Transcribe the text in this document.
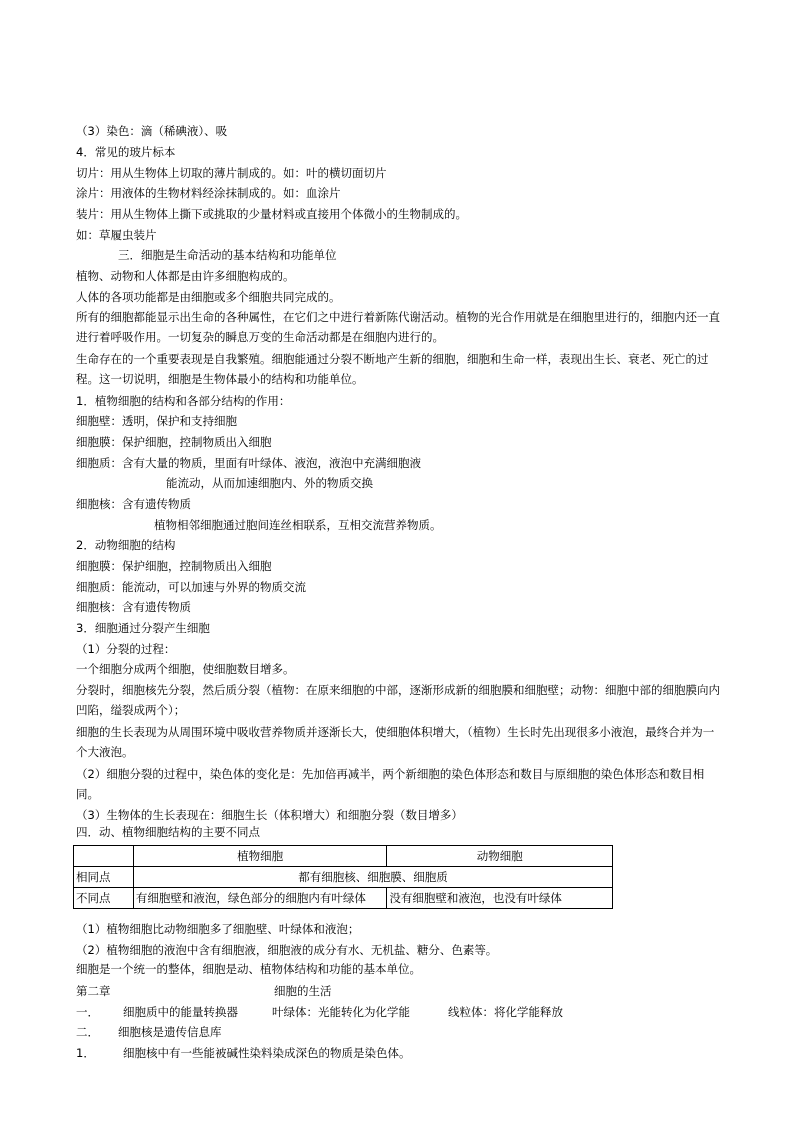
（3）染色：滴（稀碘液）、吸
4．常见的玻片标本
切片：用从生物体上切取的薄片制成的。如：叶的横切面切片
涂片：用液体的生物材料经涂抹制成的。如：血涂片
装片：用从生物体上撕下或挑取的少量材料或直接用个体微小的生物制成的。
如：草履虫装片
三．细胞是生命活动的基本结构和功能单位
植物、动物和人体都是由许多细胞构成的。
人体的各项功能都是由细胞或多个细胞共同完成的。
所有的细胞都能显示出生命的各种属性，在它们之中进行着新陈代谢活动。植物的光合作用就是在细胞里进行的，细胞内还一直进行着呼吸作用。一切复杂的瞬息万变的生命活动都是在细胞内进行的。
生命存在的一个重要表现是自我繁殖。细胞能通过分裂不断地产生新的细胞，细胞和生命一样，表现出生长、衰老、死亡的过程。这一切说明，细胞是生物体最小的结构和功能单位。
1．植物细胞的结构和各部分结构的作用：
细胞壁：透明，保护和支持细胞
细胞膜：保护细胞，控制物质出入细胞
细胞质：含有大量的物质，里面有叶绿体、液泡，液泡中充满细胞液
能流动，从而加速细胞内、外的物质交换
细胞核：含有遗传物质
植物相邻细胞通过胞间连丝相联系，互相交流营养物质。
2．动物细胞的结构
细胞膜：保护细胞，控制物质出入细胞
细胞质：能流动，可以加速与外界的物质交流
细胞核：含有遗传物质
3．细胞通过分裂产生细胞
（1）分裂的过程：
一个细胞分成两个细胞，使细胞数目增多。
分裂时，细胞核先分裂，然后质分裂（植物：在原来细胞的中部，逐渐形成新的细胞膜和细胞壁；动物：细胞中部的细胞膜向内凹陷，缢裂成两个）；
细胞的生长表现为从周围环境中吸收营养物质并逐渐长大，使细胞体积增大，（植物）生长时先出现很多小液泡，最终合并为一个大液泡。
（2）细胞分裂的过程中，染色体的变化是：先加倍再减半，两个新细胞的染色体形态和数目与原细胞的染色体形态和数目相同。
（3）生物体的生长表现在：细胞生长（体积增大）和细胞分裂（数目增多）
四．动、植物细胞结构的主要不同点
	植物细胞	动物细胞
相同点	都有细胞核、细胞膜、细胞质	
不同点	有细胞壁和液泡，绿色部分的细胞内有叶绿体	没有细胞壁和液泡，也没有叶绿体
（1）植物细胞比动物细胞多了细胞壁、叶绿体和液泡；
（2）植物细胞的液泡中含有细胞液，细胞液的成分有水、无机盐、糖分、色素等。
细胞是一个统一的整体，细胞是动、植物体结构和功能的基本单位。
第二章	细胞的生活
一． 细胞质中的能量转换器	叶绿体：光能转化为化学能	线粒体：将化学能释放
二． 细胞核是遗传信息库
1． 细胞核中有一些能被碱性染料染成深色的物质是染色体。
